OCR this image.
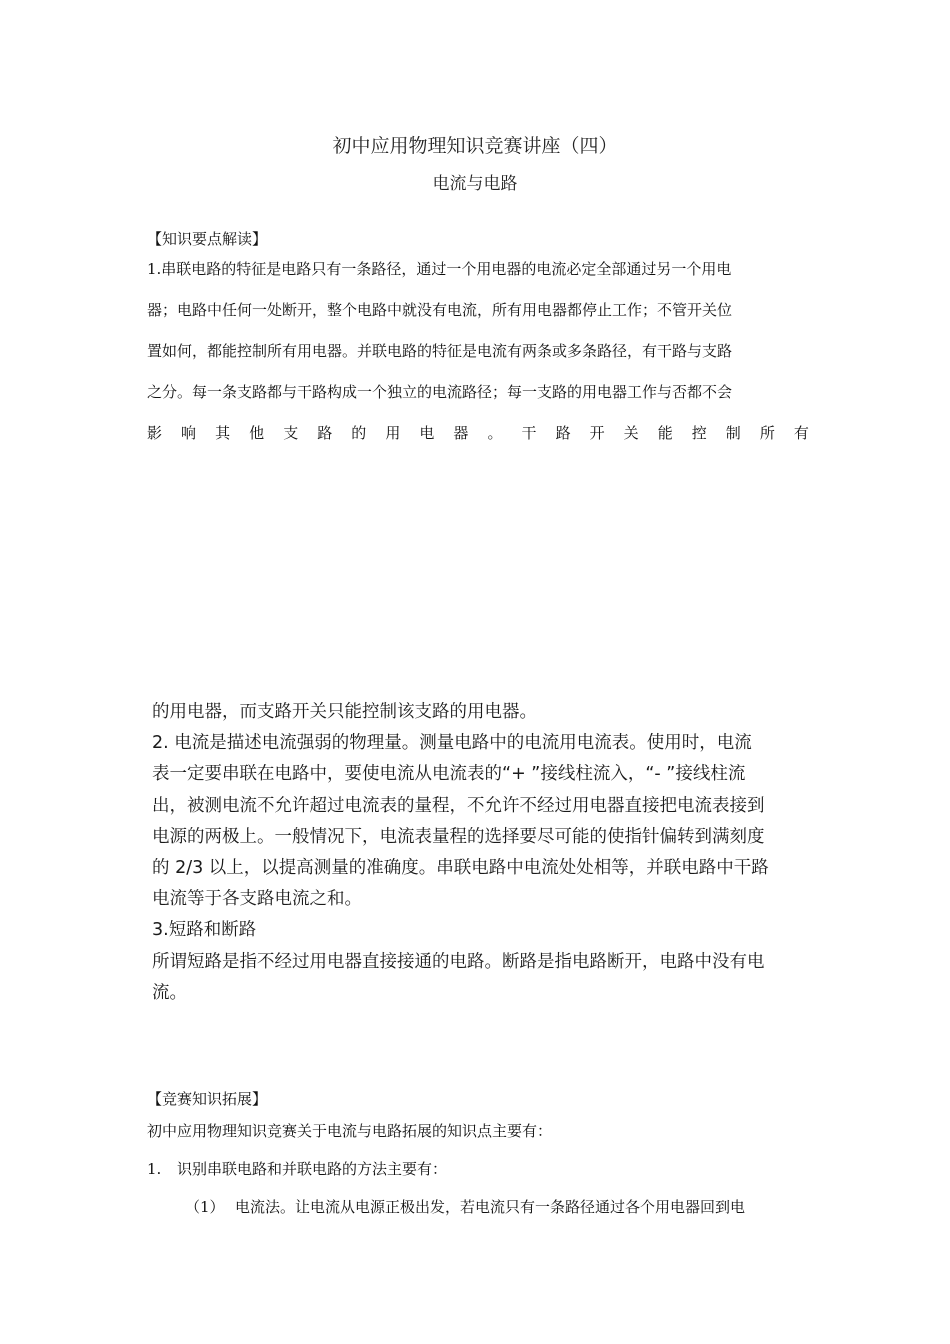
初中应用物理知识竞赛讲座（四）
电流与电路
【知识要点解读】
1.串联电路的特征是电路只有一条路径，通过一个用电器的电流必定全部通过另一个用电
器；电路中任何一处断开，整个电路中就没有电流，所有用电器都停止工作；不管开关位
置如何，都能控制所有用电器。并联电路的特征是电流有两条或多条路径，有干路与支路
之分。每一条支路都与干路构成一个独立的电流路径；每一支路的用电器工作与否都不会
影 响 其 他 支 路 的 用 电 器 。 干 路 开 关 能 控 制 所 有
的用电器，而支路开关只能控制该支路的用电器。
2. 电流是描述电流强弱的物理量。测量电路中的电流用电流表。使用时，电流
表一定要串联在电路中，要使电流从电流表的“+ ”接线柱流入，“- ”接线柱流
出，被测电流不允许超过电流表的量程，不允许不经过用电器直接把电流表接到
电源的两极上。一般情况下，电流表量程的选择要尽可能的使指针偏转到满刻度
的 2/3 以上，以提高测量的准确度。串联电路中电流处处相等，并联电路中干路
电流等于各支路电流之和。
3.短路和断路
所谓短路是指不经过用电器直接接通的电路。断路是指电路断开，电路中没有电
流。
【竞赛知识拓展】
初中应用物理知识竞赛关于电流与电路拓展的知识点主要有：
1. 识别串联电路和并联电路的方法主要有：
（1） 电流法。让电流从电源正极出发，若电流只有一条路径通过各个用电器回到电
